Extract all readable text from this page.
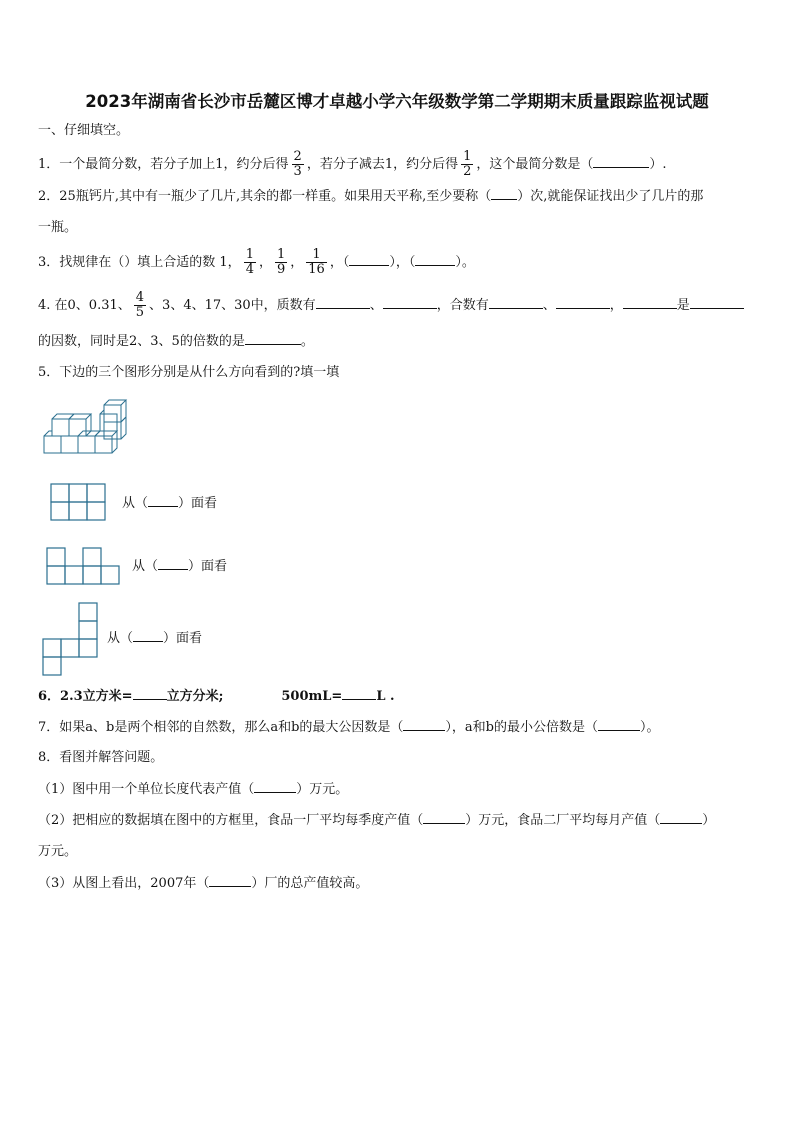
2023年湖南省长沙市岳麓区博才卓越小学六年级数学第二学期期末质量跟踪监视试题
一、仔细填空。
1．一个最简分数，若分子加上1，约分后得 $\frac{2}{3}$ ，若分子减去1，约分后得 $\frac{1}{2}$ ，这个最简分数是（	）.
2．25瓶钙片,其中有一瓶少了几片,其余的都一样重。如果用天平称,至少要称（ ）次,就能保证找出少了几片的那
一瓶。
3．找规律在（）填上合适的数 1， $\frac{1}{4}$ ， $\frac{1}{9}$ ， $\frac{1}{16}$ ，（	），（	）。
4. 在0、0.31、 $\frac{4}{5}$ 、3、4、17、30中，质数有	、	，合数有	、	，	是
的因数，同时是2、3、5的倍数的是	。
5．下边的三个图形分别是从什么方向看到的?填一填
从（ ）面看
从（ ）面看
从（ ）面看
6．2.3立方米=	立方分米;	500mL=	L .
7．如果a、b是两个相邻的自然数，那么a和b的最大公因数是（	），a和b的最小公倍数是（	）。
8．看图并解答问题。
（1）图中用一个单位长度代表产值（	）万元。
（2）把相应的数据填在图中的方框里，食品一厂平均每季度产值（	）万元，食品二厂平均每月产值（	）
万元。
（3）从图上看出，2007年（	）厂的总产值较高。
